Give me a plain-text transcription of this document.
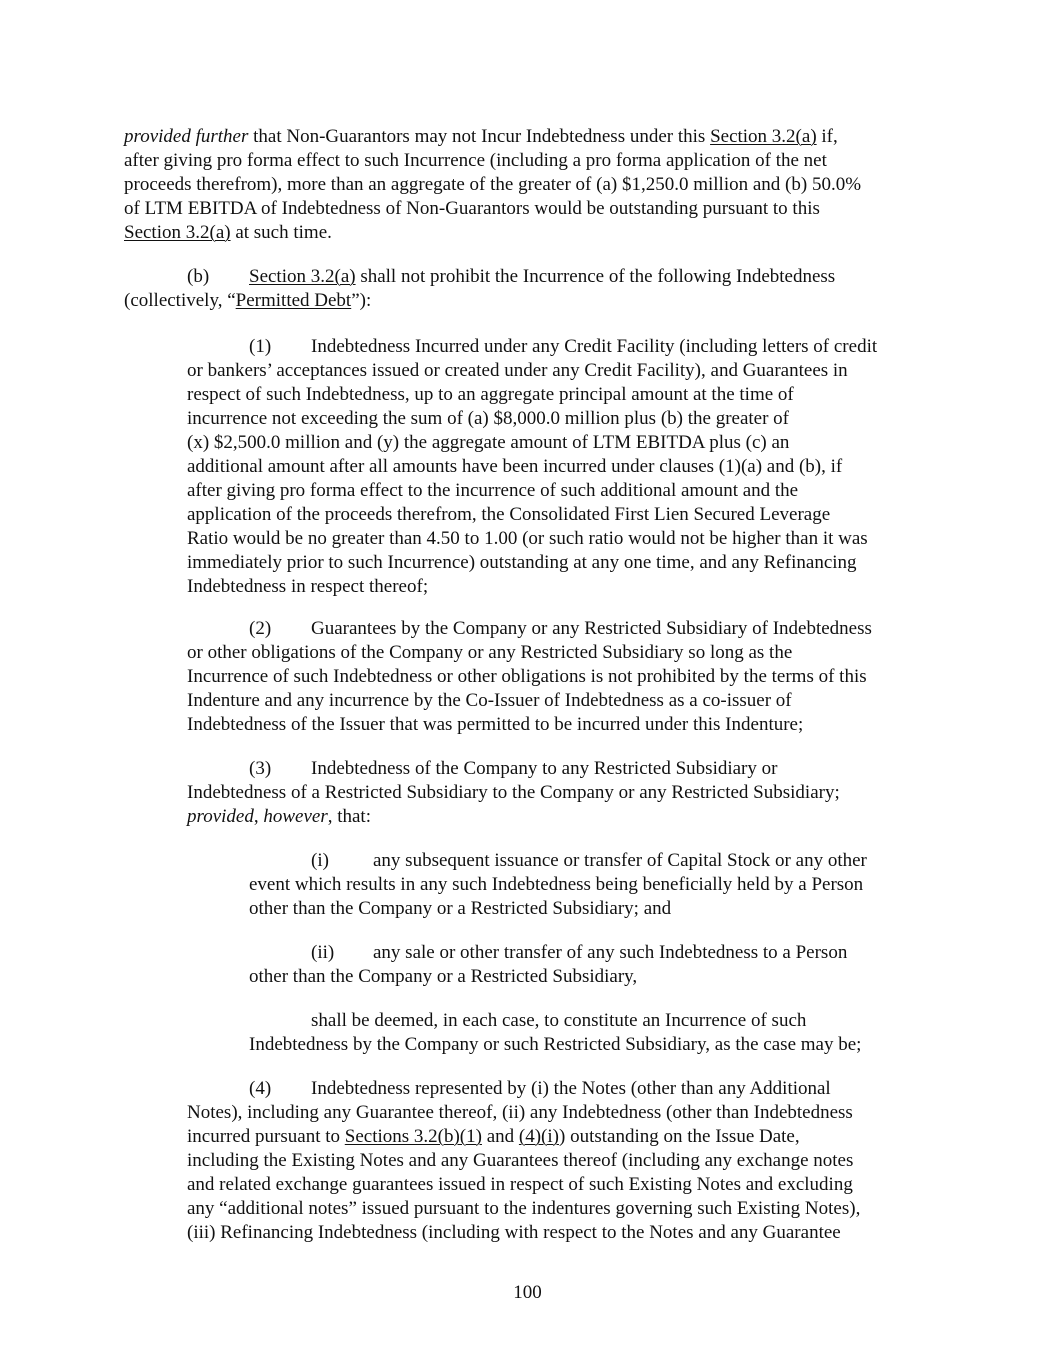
provided further that Non-Guarantors may not Incur Indebtedness under this Section 3.2(a) if,
after giving pro forma effect to such Incurrence (including a pro forma application of the net
proceeds therefrom), more than an aggregate of the greater of (a) $1,250.0 million and (b) 50.0%
of LTM EBITDA of Indebtedness of Non-Guarantors would be outstanding pursuant to this
Section 3.2(a) at such time.
(b) Section 3.2(a) shall not prohibit the Incurrence of the following Indebtedness
(collectively, “Permitted Debt”):
(1) Indebtedness Incurred under any Credit Facility (including letters of credit
or bankers’ acceptances issued or created under any Credit Facility), and Guarantees in
respect of such Indebtedness, up to an aggregate principal amount at the time of
incurrence not exceeding the sum of (a) $8,000.0 million plus (b) the greater of
(x) $2,500.0 million and (y) the aggregate amount of LTM EBITDA plus (c) an
additional amount after all amounts have been incurred under clauses (1)(a) and (b), if
after giving pro forma effect to the incurrence of such additional amount and the
application of the proceeds therefrom, the Consolidated First Lien Secured Leverage
Ratio would be no greater than 4.50 to 1.00 (or such ratio would not be higher than it was
immediately prior to such Incurrence) outstanding at any one time, and any Refinancing
Indebtedness in respect thereof;
(2) Guarantees by the Company or any Restricted Subsidiary of Indebtedness
or other obligations of the Company or any Restricted Subsidiary so long as the
Incurrence of such Indebtedness or other obligations is not prohibited by the terms of this
Indenture and any incurrence by the Co-Issuer of Indebtedness as a co-issuer of
Indebtedness of the Issuer that was permitted to be incurred under this Indenture;
(3) Indebtedness of the Company to any Restricted Subsidiary or
Indebtedness of a Restricted Subsidiary to the Company or any Restricted Subsidiary;
provided, however, that:
(i) any subsequent issuance or transfer of Capital Stock or any other
event which results in any such Indebtedness being beneficially held by a Person
other than the Company or a Restricted Subsidiary; and
(ii) any sale or other transfer of any such Indebtedness to a Person
other than the Company or a Restricted Subsidiary,
shall be deemed, in each case, to constitute an Incurrence of such
Indebtedness by the Company or such Restricted Subsidiary, as the case may be;
(4) Indebtedness represented by (i) the Notes (other than any Additional
Notes), including any Guarantee thereof, (ii) any Indebtedness (other than Indebtedness
incurred pursuant to Sections 3.2(b)(1) and (4)(i)) outstanding on the Issue Date,
including the Existing Notes and any Guarantees thereof (including any exchange notes
and related exchange guarantees issued in respect of such Existing Notes and excluding
any “additional notes” issued pursuant to the indentures governing such Existing Notes),
(iii) Refinancing Indebtedness (including with respect to the Notes and any Guarantee
100
